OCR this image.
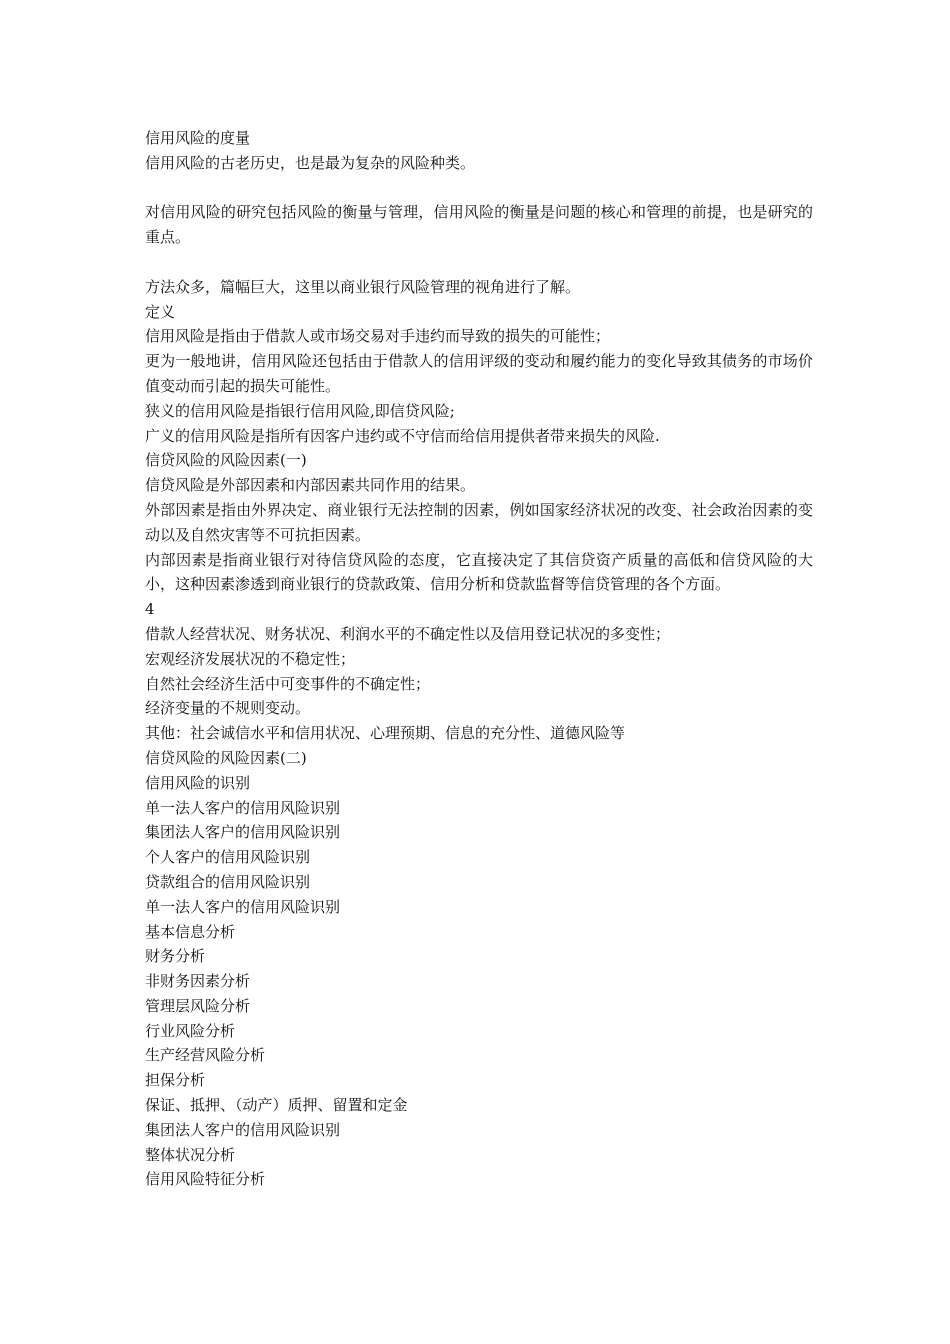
信用风险的度量
信用风险的古老历史，也是最为复杂的风险种类。
对信用风险的研究包括风险的衡量与管理，信用风险的衡量是问题的核心和管理的前提，也是研究的重点。
方法众多，篇幅巨大，这里以商业银行风险管理的视角进行了解。
定义
信用风险是指由于借款人或市场交易对手违约而导致的损失的可能性；
更为一般地讲，信用风险还包括由于借款人的信用评级的变动和履约能力的变化导致其债务的市场价值变动而引起的损失可能性。
狭义的信用风险是指银行信用风险,即信贷风险;
广义的信用风险是指所有因客户违约或不守信而给信用提供者带来损失的风险.
信贷风险的风险因素(一)
信贷风险是外部因素和内部因素共同作用的结果。
外部因素是指由外界决定、商业银行无法控制的因素，例如国家经济状况的改变、社会政治因素的变动以及自然灾害等不可抗拒因素。
内部因素是指商业银行对待信贷风险的态度，它直接决定了其信贷资产质量的高低和信贷风险的大小，这种因素渗透到商业银行的贷款政策、信用分析和贷款监督等信贷管理的各个方面。
4
借款人经营状况、财务状况、利润水平的不确定性以及信用登记状况的多变性；
宏观经济发展状况的不稳定性；
自然社会经济生活中可变事件的不确定性；
经济变量的不规则变动。
其他：社会诚信水平和信用状况、心理预期、信息的充分性、道德风险等
信贷风险的风险因素(二)
信用风险的识别
单一法人客户的信用风险识别
集团法人客户的信用风险识别
个人客户的信用风险识别
贷款组合的信用风险识别
单一法人客户的信用风险识别
基本信息分析
财务分析
非财务因素分析
管理层风险分析
行业风险分析
生产经营风险分析
担保分析
保证、抵押、（动产）质押、留置和定金
集团法人客户的信用风险识别
整体状况分析
信用风险特征分析
